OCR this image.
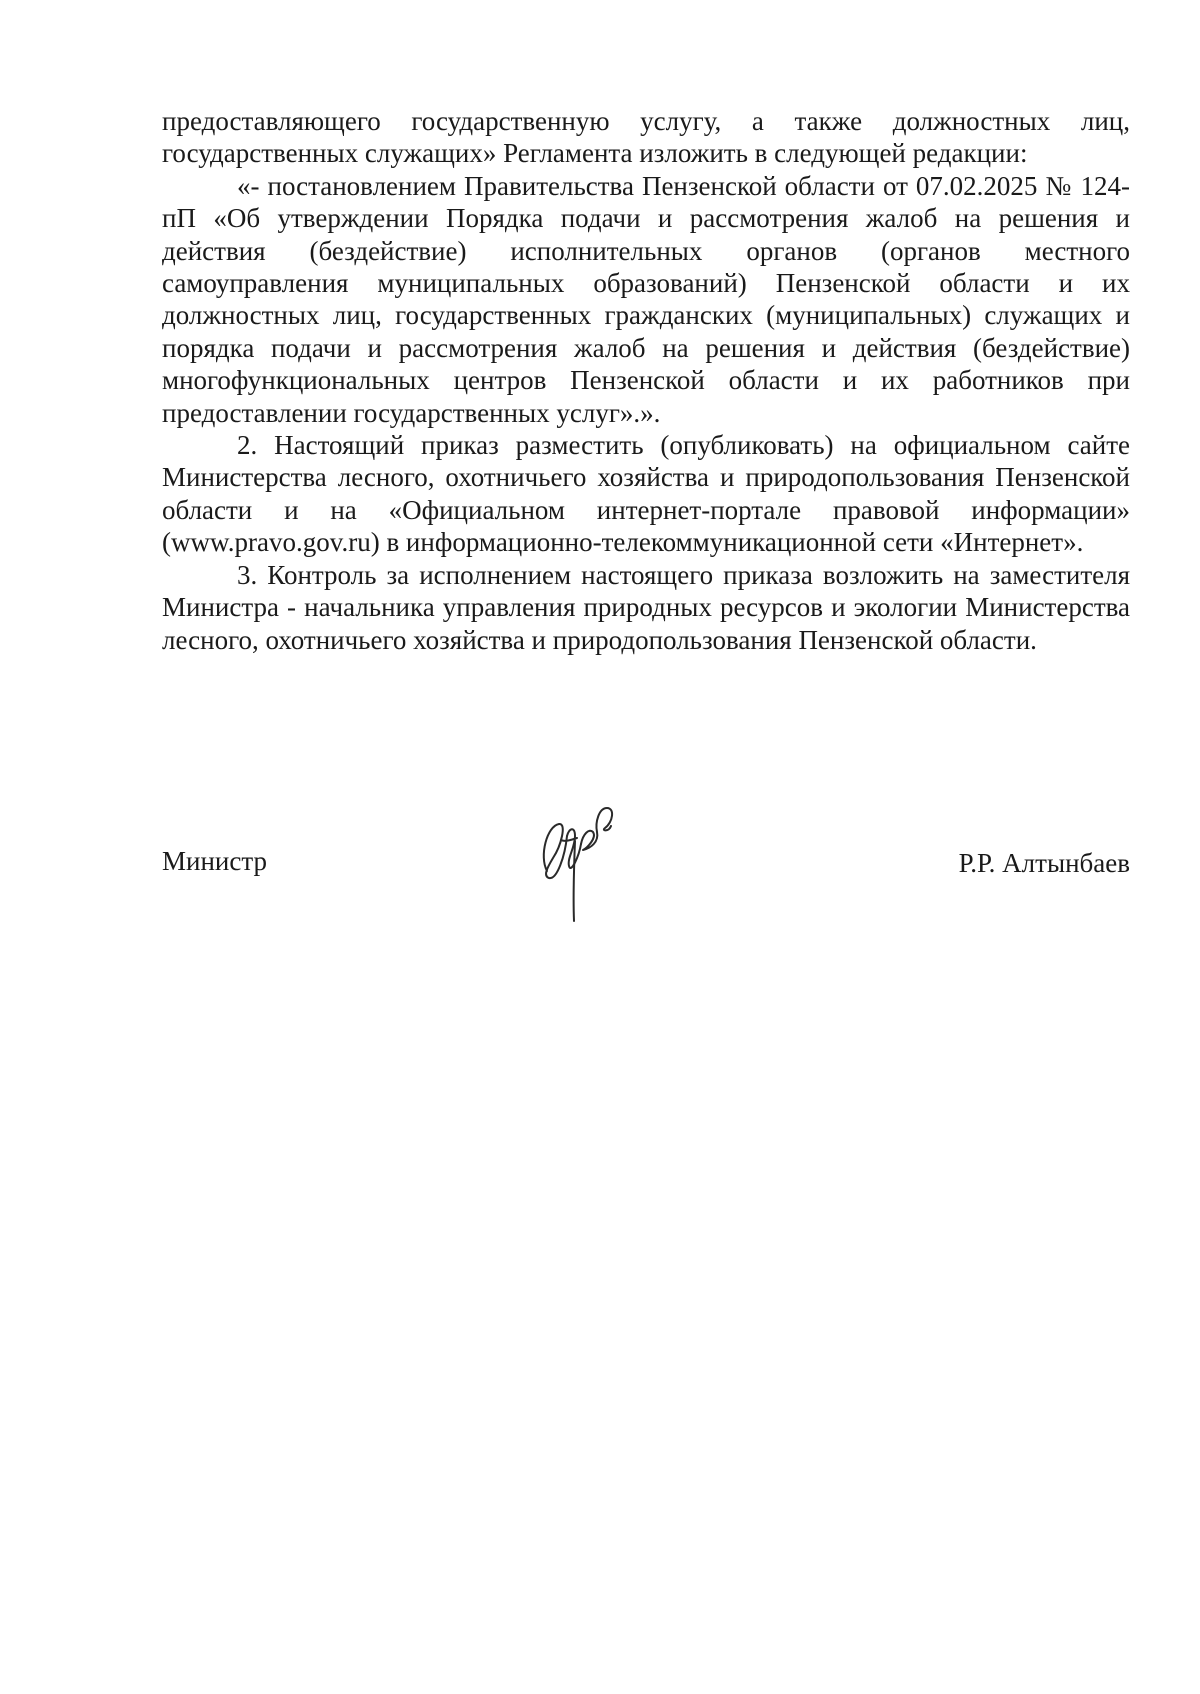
предоставляющего государственную услугу, а также должностных лиц, государственных служащих» Регламента изложить в следующей редакции:

«- постановлением Правительства Пензенской области от 07.02.2025 № 124-пП «Об утверждении Порядка подачи и рассмотрения жалоб на решения и действия (бездействие) исполнительных органов (органов местного самоуправления муниципальных образований) Пензенской области и их должностных лиц, государственных гражданских (муниципальных) служащих и порядка подачи и рассмотрения жалоб на решения и действия (бездействие) многофункциональных центров Пензенской области и их работников при предоставлении государственных услуг».».

2. Настоящий приказ разместить (опубликовать) на официальном сайте Министерства лесного, охотничьего хозяйства и природопользования Пензенской области и на «Официальном интернет-портале правовой информации» (www.pravo.gov.ru) в информационно-телекоммуникационной сети «Интернет».

3. Контроль за исполнением настоящего приказа возложить на заместителя Министра - начальника управления природных ресурсов и экологии Министерства лесного, охотничьего хозяйства и природопользования Пензенской области.

Министр	Р.Р. Алтынбаев
